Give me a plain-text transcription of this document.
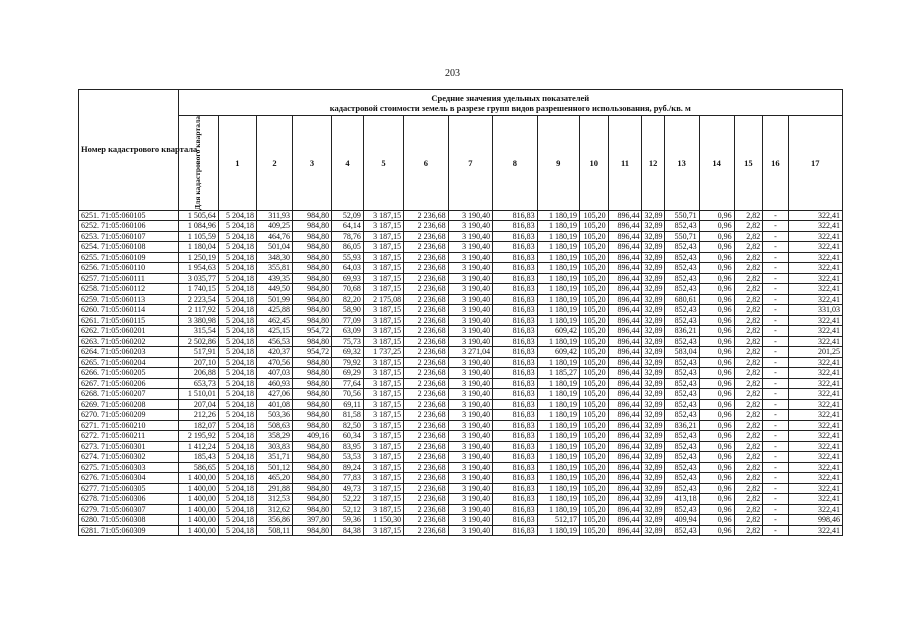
203
Номер кадастрового квартала	Средние значения удельных показателей
кадастровой стоимости земель в разрезе групп видов разрешенного использования, руб./кв. м																	

	Для кадастрового квартала	1	2	3	4	5	6	7	8	9	10	11	12	13	14	15	16	17
6251. 71:05:060105	1 505,64	5 204,18	311,93	984,80	52,09	3 187,15	2 236,68	3 190,40	816,83	1 180,19	105,20	896,44	32,89	550,71	0,96	2,82	-	322,41
6252. 71:05:060106	1 084,96	5 204,18	409,25	984,80	64,14	3 187,15	2 236,68	3 190,40	816,83	1 180,19	105,20	896,44	32,89	852,43	0,96	2,82	-	322,41
6253. 71:05:060107	1 105,59	5 204,18	464,76	984,80	78,76	3 187,15	2 236,68	3 190,40	816,83	1 180,19	105,20	896,44	32,89	550,71	0,96	2,82	-	322,41
6254. 71:05:060108	1 180,04	5 204,18	501,04	984,80	86,05	3 187,15	2 236,68	3 190,40	816,83	1 180,19	105,20	896,44	32,89	852,43	0,96	2,82	-	322,41
6255. 71:05:060109	1 250,19	5 204,18	348,30	984,80	55,93	3 187,15	2 236,68	3 190,40	816,83	1 180,19	105,20	896,44	32,89	852,43	0,96	2,82	-	322,41
6256. 71:05:060110	1 954,63	5 204,18	355,81	984,80	64,03	3 187,15	2 236,68	3 190,40	816,83	1 180,19	105,20	896,44	32,89	852,43	0,96	2,82	-	322,41
6257. 71:05:060111	3 035,77	5 204,18	439,35	984,80	69,93	3 187,15	2 236,68	3 190,40	816,83	1 180,19	105,20	896,44	32,89	852,43	0,96	2,82	-	322,41
6258. 71:05:060112	1 740,15	5 204,18	449,50	984,80	70,68	3 187,15	2 236,68	3 190,40	816,83	1 180,19	105,20	896,44	32,89	852,43	0,96	2,82	-	322,41
6259. 71:05:060113	2 223,54	5 204,18	501,99	984,80	82,20	2 175,08	2 236,68	3 190,40	816,83	1 180,19	105,20	896,44	32,89	680,61	0,96	2,82	-	322,41
6260. 71:05:060114	2 117,92	5 204,18	425,88	984,80	58,90	3 187,15	2 236,68	3 190,40	816,83	1 180,19	105,20	896,44	32,89	852,43	0,96	2,82	-	331,03
6261. 71:05:060115	3 380,98	5 204,18	462,45	984,80	77,09	3 187,15	2 236,68	3 190,40	816,83	1 180,19	105,20	896,44	32,89	852,43	0,96	2,82	-	322,41
6262. 71:05:060201	315,54	5 204,18	425,15	954,72	63,09	3 187,15	2 236,68	3 190,40	816,83	609,42	105,20	896,44	32,89	836,21	0,96	2,82	-	322,41
6263. 71:05:060202	2 502,86	5 204,18	456,53	984,80	75,73	3 187,15	2 236,68	3 190,40	816,83	1 180,19	105,20	896,44	32,89	852,43	0,96	2,82	-	322,41
6264. 71:05:060203	517,91	5 204,18	420,37	954,72	69,32	1 737,25	2 236,68	3 271,04	816,83	609,42	105,20	896,44	32,89	583,04	0,96	2,82	-	201,25
6265. 71:05:060204	207,10	5 204,18	470,56	984,80	79,92	3 187,15	2 236,68	3 190,40	816,83	1 180,19	105,20	896,44	32,89	852,43	0,96	2,82	-	322,41
6266. 71:05:060205	206,88	5 204,18	407,03	984,80	69,29	3 187,15	2 236,68	3 190,40	816,83	1 185,27	105,20	896,44	32,89	852,43	0,96	2,82	-	322,41
6267. 71:05:060206	653,73	5 204,18	460,93	984,80	77,64	3 187,15	2 236,68	3 190,40	816,83	1 180,19	105,20	896,44	32,89	852,43	0,96	2,82	-	322,41
6268. 71:05:060207	1 510,01	5 204,18	427,06	984,80	70,56	3 187,15	2 236,68	3 190,40	816,83	1 180,19	105,20	896,44	32,89	852,43	0,96	2,82	-	322,41
6269. 71:05:060208	207,04	5 204,18	401,08	984,80	69,11	3 187,15	2 236,68	3 190,40	816,83	1 180,19	105,20	896,44	32,89	852,43	0,96	2,82	-	322,41
6270. 71:05:060209	212,26	5 204,18	503,36	984,80	81,58	3 187,15	2 236,68	3 190,40	816,83	1 180,19	105,20	896,44	32,89	852,43	0,96	2,82	-	322,41
6271. 71:05:060210	182,07	5 204,18	508,63	984,80	82,50	3 187,15	2 236,68	3 190,40	816,83	1 180,19	105,20	896,44	32,89	836,21	0,96	2,82	-	322,41
6272. 71:05:060211	2 195,92	5 204,18	358,29	409,16	60,34	3 187,15	2 236,68	3 190,40	816,83	1 180,19	105,20	896,44	32,89	852,43	0,96	2,82	-	322,41
6273. 71:05:060301	1 412,24	5 204,18	303,83	984,80	83,95	3 187,15	2 236,68	3 190,40	816,83	1 180,19	105,20	896,44	32,89	852,43	0,96	2,82	-	322,41
6274. 71:05:060302	185,43	5 204,18	351,71	984,80	53,53	3 187,15	2 236,68	3 190,40	816,83	1 180,19	105,20	896,44	32,89	852,43	0,96	2,82	-	322,41
6275. 71:05:060303	586,65	5 204,18	501,12	984,80	89,24	3 187,15	2 236,68	3 190,40	816,83	1 180,19	105,20	896,44	32,89	852,43	0,96	2,82	-	322,41
6276. 71:05:060304	1 400,00	5 204,18	465,20	984,80	77,83	3 187,15	2 236,68	3 190,40	816,83	1 180,19	105,20	896,44	32,89	852,43	0,96	2,82	-	322,41
6277. 71:05:060305	1 400,00	5 204,18	291,88	984,80	49,73	3 187,15	2 236,68	3 190,40	816,83	1 180,19	105,20	896,44	32,89	852,43	0,96	2,82	-	322,41
6278. 71:05:060306	1 400,00	5 204,18	312,53	984,80	52,22	3 187,15	2 236,68	3 190,40	816,83	1 180,19	105,20	896,44	32,89	413,18	0,96	2,82	-	322,41
6279. 71:05:060307	1 400,00	5 204,18	312,62	984,80	52,12	3 187,15	2 236,68	3 190,40	816,83	1 180,19	105,20	896,44	32,89	852,43	0,96	2,82	-	322,41
6280. 71:05:060308	1 400,00	5 204,18	356,86	397,80	59,36	1 150,30	2 236,68	3 190,40	816,83	512,17	105,20	896,44	32,89	409,94	0,96	2,82	-	998,46
6281. 71:05:060309	1 400,00	5 204,18	508,11	984,80	84,38	3 187,15	2 236,68	3 190,40	816,83	1 180,19	105,20	896,44	32,89	852,43	0,96	2,82	-	322,41
